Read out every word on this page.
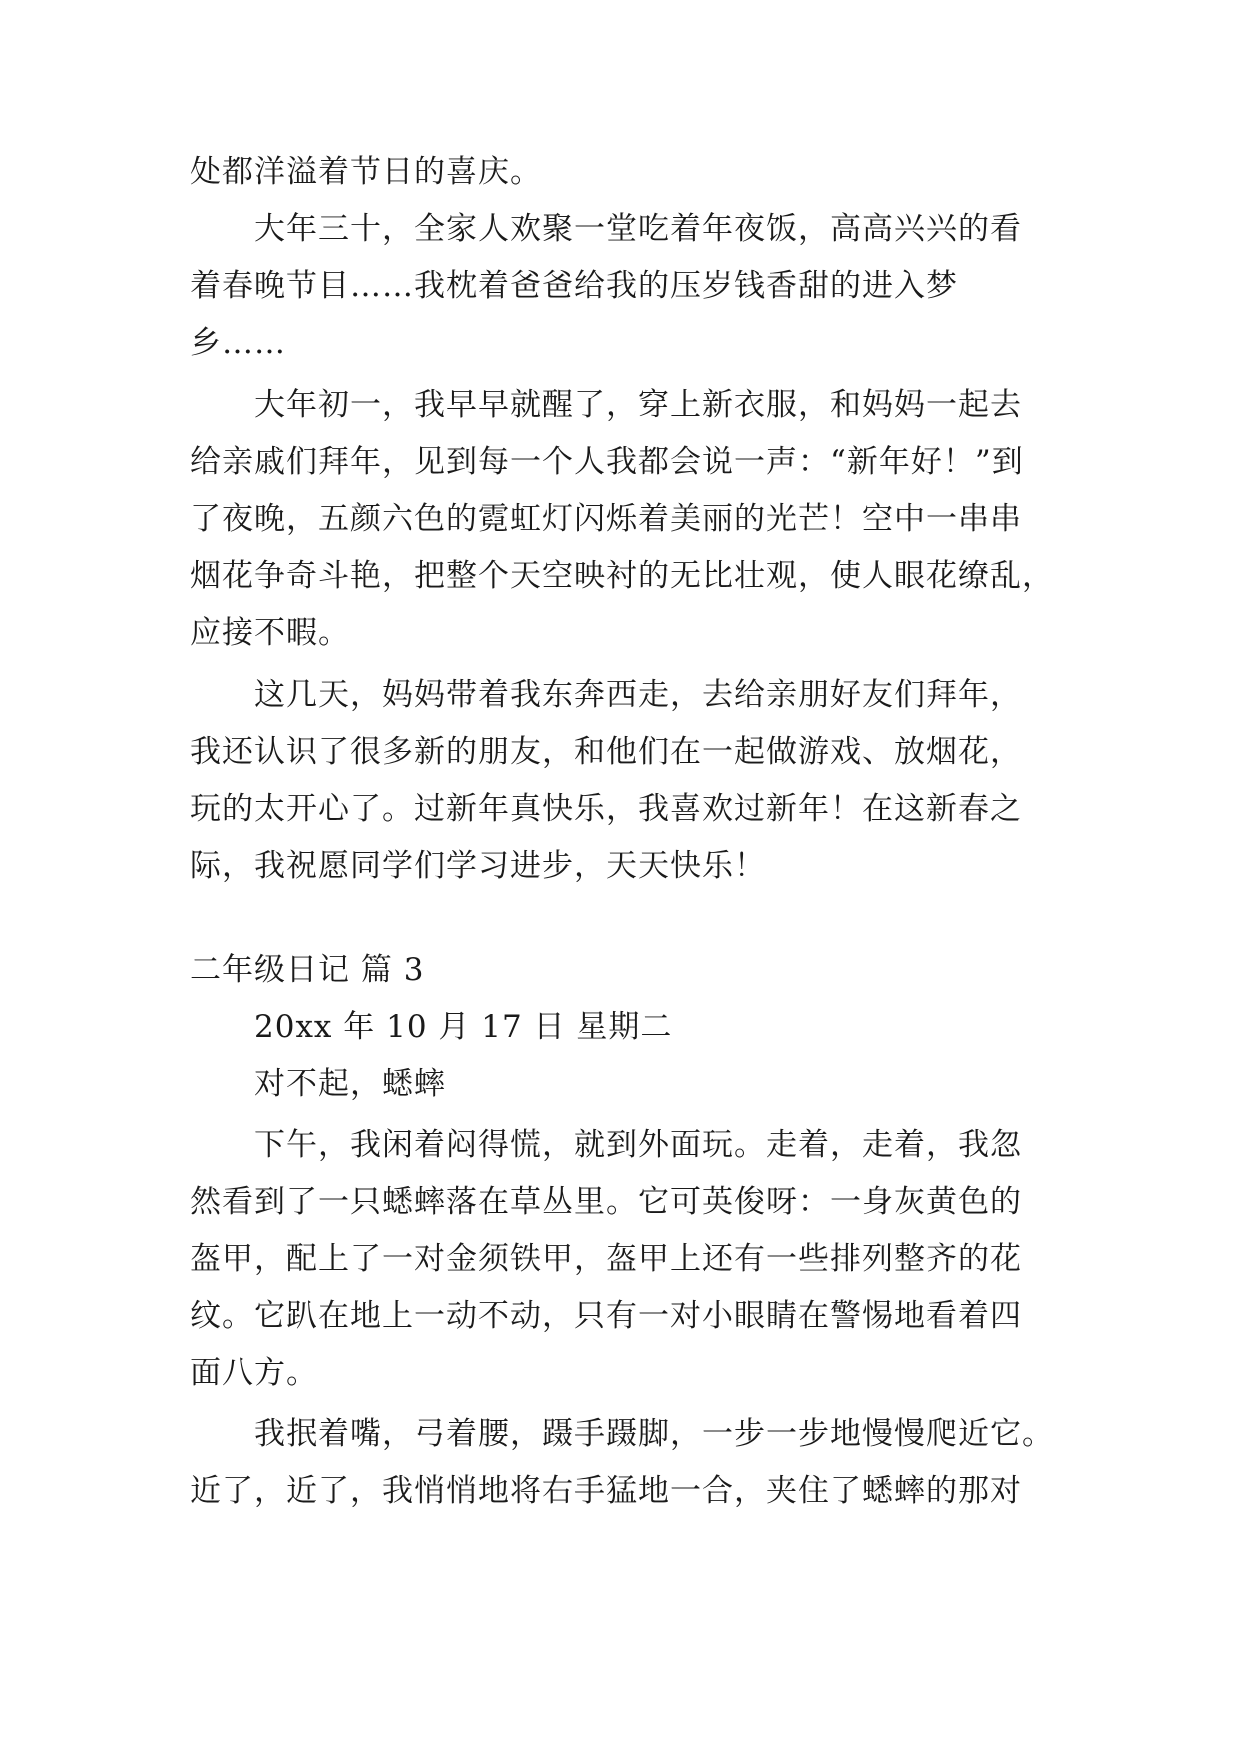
处都洋溢着节日的喜庆。
大年三十，全家人欢聚一堂吃着年夜饭，高高兴兴的看
着春晚节目……我枕着爸爸给我的压岁钱香甜的进入梦
乡……
大年初一，我早早就醒了，穿上新衣服，和妈妈一起去
给亲戚们拜年，见到每一个人我都会说一声：“新年好！”到
了夜晚，五颜六色的霓虹灯闪烁着美丽的光芒！空中一串串
烟花争奇斗艳，把整个天空映衬的无比壮观，使人眼花缭乱，
应接不暇。
这几天，妈妈带着我东奔西走，去给亲朋好友们拜年，
我还认识了很多新的朋友，和他们在一起做游戏、放烟花，
玩的太开心了。过新年真快乐，我喜欢过新年！在这新春之
际，我祝愿同学们学习进步，天天快乐！
二年级日记 篇 3
20xx 年 10 月 17 日 星期二
对不起，蟋蟀
下午，我闲着闷得慌，就到外面玩。走着，走着，我忽
然看到了一只蟋蟀落在草丛里。它可英俊呀：一身灰黄色的
盔甲，配上了一对金须铁甲，盔甲上还有一些排列整齐的花
纹。它趴在地上一动不动，只有一对小眼睛在警惕地看着四
面八方。
我抿着嘴，弓着腰，蹑手蹑脚，一步一步地慢慢爬近它。
近了，近了，我悄悄地将右手猛地一合，夹住了蟋蟀的那对
